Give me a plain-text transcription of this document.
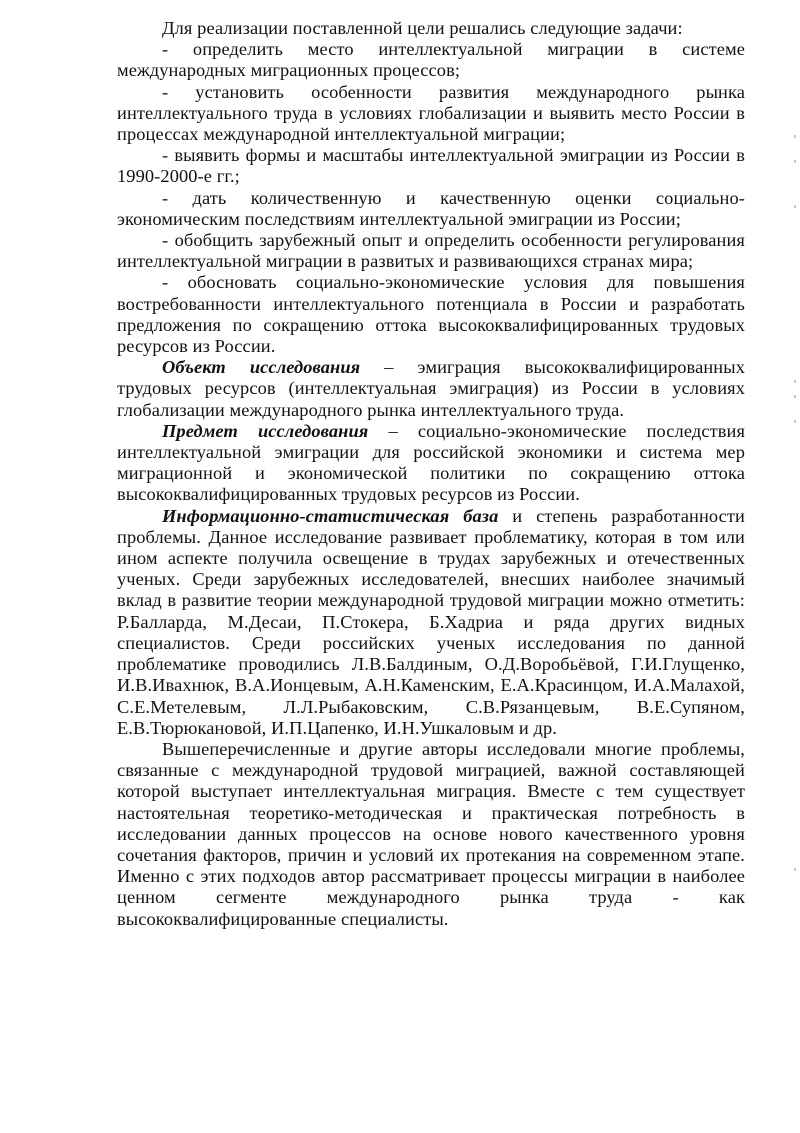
Для реализации поставленной цели решались следующие задачи:

- определить место интеллектуальной миграции в системе международных миграционных процессов;

- установить особенности развития международного рынка интеллектуального труда в условиях глобализации и выявить место России в процессах международной интеллектуальной миграции;

- выявить формы и масштабы интеллектуальной эмиграции из России в 1990-2000-е гг.;

- дать количественную и качественную оценки социально-экономическим последствиям интеллектуальной эмиграции из России;

- обобщить зарубежный опыт и определить особенности регулирования интеллектуальной миграции в развитых и развивающихся странах мира;

- обосновать социально-экономические условия для повышения востребованности интеллектуального потенциала в России и разработать предложения по сокращению оттока высококвалифицированных трудовых ресурсов из России.

Объект исследования – эмиграция высококвалифицированных трудовых ресурсов (интеллектуальная эмиграция) из России в условиях глобализации международного рынка интеллектуального труда.

Предмет исследования – социально-экономические последствия интеллектуальной эмиграции для российской экономики и система мер миграционной и экономической политики по сокращению оттока высококвалифицированных трудовых ресурсов из России.

Информационно-статистическая база и степень разработанности проблемы. Данное исследование развивает проблематику, которая в том или ином аспекте получила освещение в трудах зарубежных и отечественных ученых. Среди зарубежных исследователей, внесших наиболее значимый вклад в развитие теории международной трудовой миграции можно отметить: Р.Балларда, М.Десаи, П.Стокера, Б.Хадриа и ряда других видных специалистов. Среди российских ученых исследования по данной проблематике проводились Л.В.Балдиным, О.Д.Воробьёвой, Г.И.Глущенко, И.В.Ивахнюк, В.А.Ионцевым, А.Н.Каменским, Е.А.Красинцом, И.А.Малахой, С.Е.Метелевым, Л.Л.Рыбаковским, С.В.Рязанцевым, В.Е.Супяном, Е.В.Тюрюкановой, И.П.Цапенко, И.Н.Ушкаловым и др.

Вышеперечисленные и другие авторы исследовали многие проблемы, связанные с международной трудовой миграцией, важной составляющей которой выступает интеллектуальная миграция. Вместе с тем существует настоятельная теоретико-методическая и практическая потребность в исследовании данных процессов на основе нового качественного уровня сочетания факторов, причин и условий их протекания на современном этапе. Именно с этих подходов автор рассматривает процессы миграции в наиболее ценном сегменте международного рынка труда - как высококвалифицированные специалисты.
